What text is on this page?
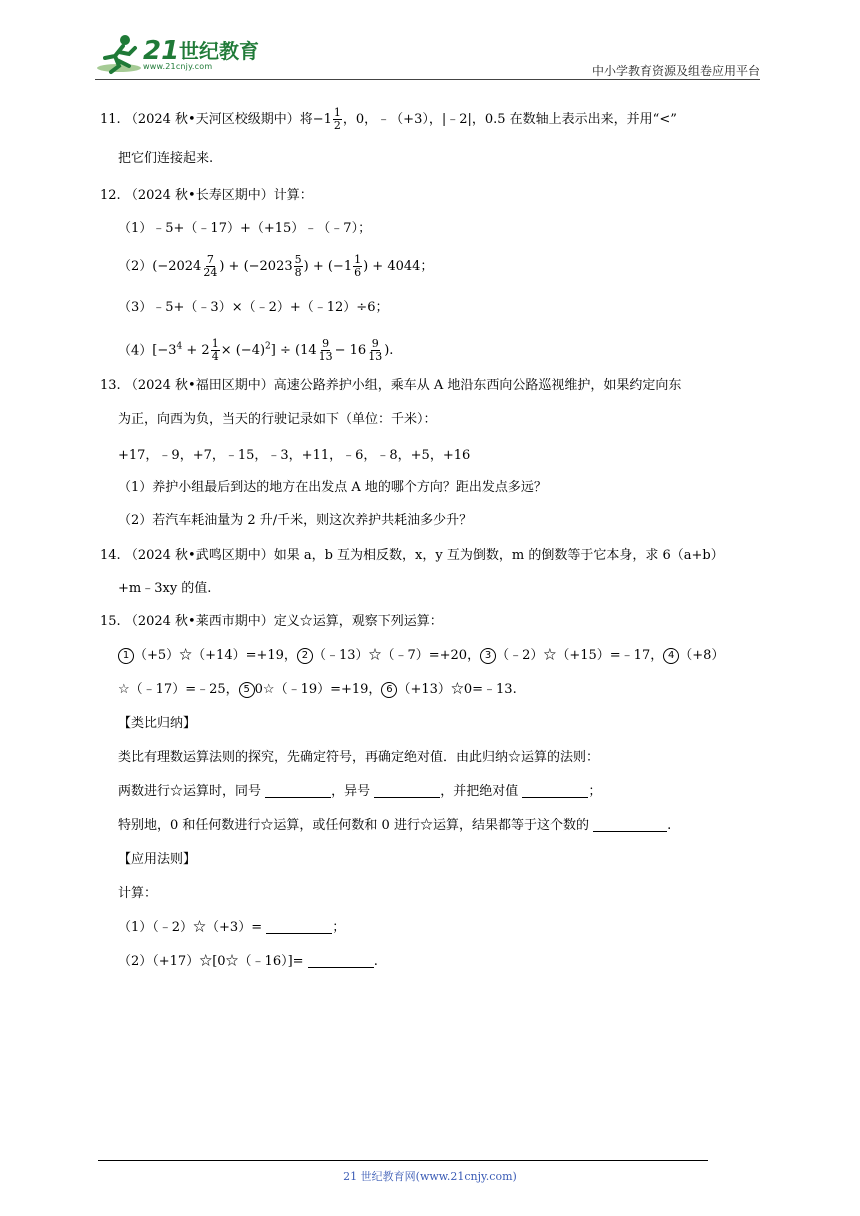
21 世纪教育
www.21cnjy.com	中小学教育资源及组卷应用平台
11. （2024 秋•天河区校级期中）将$-1 \frac{1}{2}$ ，0，﹣（+3），|﹣2|，0.5 在数轴上表示出来，并用“<”
把它们连接起来.
12. （2024 秋•长寿区期中）计算：
（1）﹣5+（﹣17）+（+15）﹣（﹣7）；
$(2)(-2024 \frac{7}{24}$ ) + ($-2023 \frac{5}{8}$ ) + ($-1 \frac{1}{6}$ ) + 4044；
（3）﹣5+（﹣3）×（﹣2）+（﹣12）÷6；
$(4)[-3^4 + 2 \frac{1}{4} \times (-4)^2] \div (14 \frac{9}{13} - 16 \frac{9}{13}$ ).
13. （2024 秋•福田区期中）高速公路养护小组，乘车从 A 地沿东西向公路巡视维护，如果约定向东
为正，向西为负，当天的行驶记录如下（单位：千米）：
+17，﹣9，+7，﹣15，﹣3，+11，﹣6，﹣8，+5，+16
（1）养护小组最后到达的地方在出发点 A 地的哪个方向？距出发点多远？
（2）若汽车耗油量为 2 升/千米，则这次养护共耗油多少升？
14. （2024 秋•武鸣区期中）如果 a，b 互为相反数，x，y 互为倒数，m 的倒数等于它本身，求 6（a+b）
+m﹣3xy 的值.
15. （2024 秋•莱西市期中）定义☆运算，观察下列运算：
1 （+5）☆（+14）=+19， 2 （﹣13）☆（﹣7）=+20， 3 （﹣2）☆（+15）=﹣17， 4 （+8）
☆（﹣17）=﹣25， 5 0☆（﹣19）=+19， 6 （+13）☆0=﹣13.
【类比归纳】
类比有理数运算法则的探究，先确定符号，再确定绝对值．由此归纳☆运算的法则：
两数进行☆运算时，同号	，异号	，并把绝对值	；
特别地，0 和任何数进行☆运算，或任何数和 0 进行☆运算，结果都等于这个数的	.
【应用法则】
计算：
（1）（﹣2）☆（+3）=	；
（2）（+17）☆[0☆（﹣16）]=	.
21 世纪教育网(www.21cnjy.com)
